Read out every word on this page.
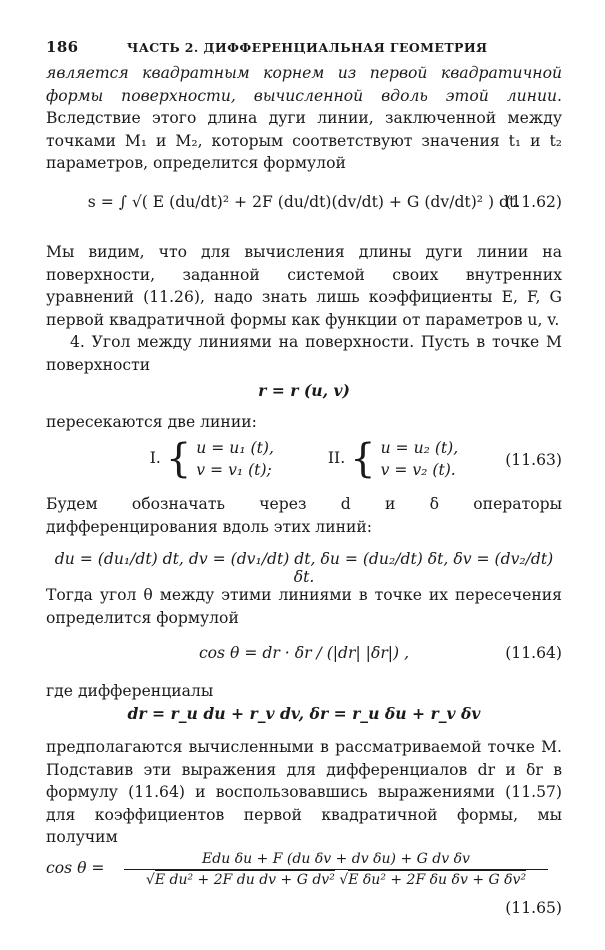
186	ЧАСТЬ 2. ДИФФЕРЕНЦИАЛЬНАЯ ГЕОМЕТРИЯ

является квадратным корнем из первой квадратичной формы поверхности, вычисленной вдоль этой линии. Вследствие этого длина дуги линии, заключенной между точками M₁ и M₂, которым соответствуют значения t₁ и t₂ параметров, определится формулой

s = ∫ √( E (du/dt)² + 2F (du/dt)(dv/dt) + G (dv/dt)² ) dt.
(11.62)

Мы видим, что для вычисления длины дуги линии на поверхности, заданной системой своих внутренних уравнений (11.26), надо знать лишь коэффициенты E, F, G первой квадратичной формы как функции от параметров u, v.

4. Угол между линиями на поверхности. Пусть в точке M поверхности

r = r (u, v)

пересекаются две линии:

I. { u = u₁ (t),
v = v₁ (t);
II. { u = u₂ (t),
v = v₂ (t).
(11.63)

Будем обозначать через d и δ операторы дифференцирования вдоль этих линий:

du = (du₁/dt) dt, dv = (dv₁/dt) dt, δu = (du₂/dt) δt, δv = (dv₂/dt) δt.

Тогда угол θ между этими линиями в точке их пересечения определится формулой

cos θ = dr · δr / (|dr| |δr|) ,	(11.64)

где дифференциалы

dr = r_u du + r_v dv, δr = r_u δu + r_v δv

предполагаются вычисленными в рассматриваемой точке M. Подставив эти выражения для дифференциалов dr и δr в формулу (11.64) и воспользовавшись выражениями (11.57) для коэффициентов первой квадратичной формы, мы получим

cos θ =	Edu δu + F (du δv + dv δu) + G dv δv
√E du² + 2F du dv + G dv² √E δu² + 2F δu δv + G δv²
(11.65)
